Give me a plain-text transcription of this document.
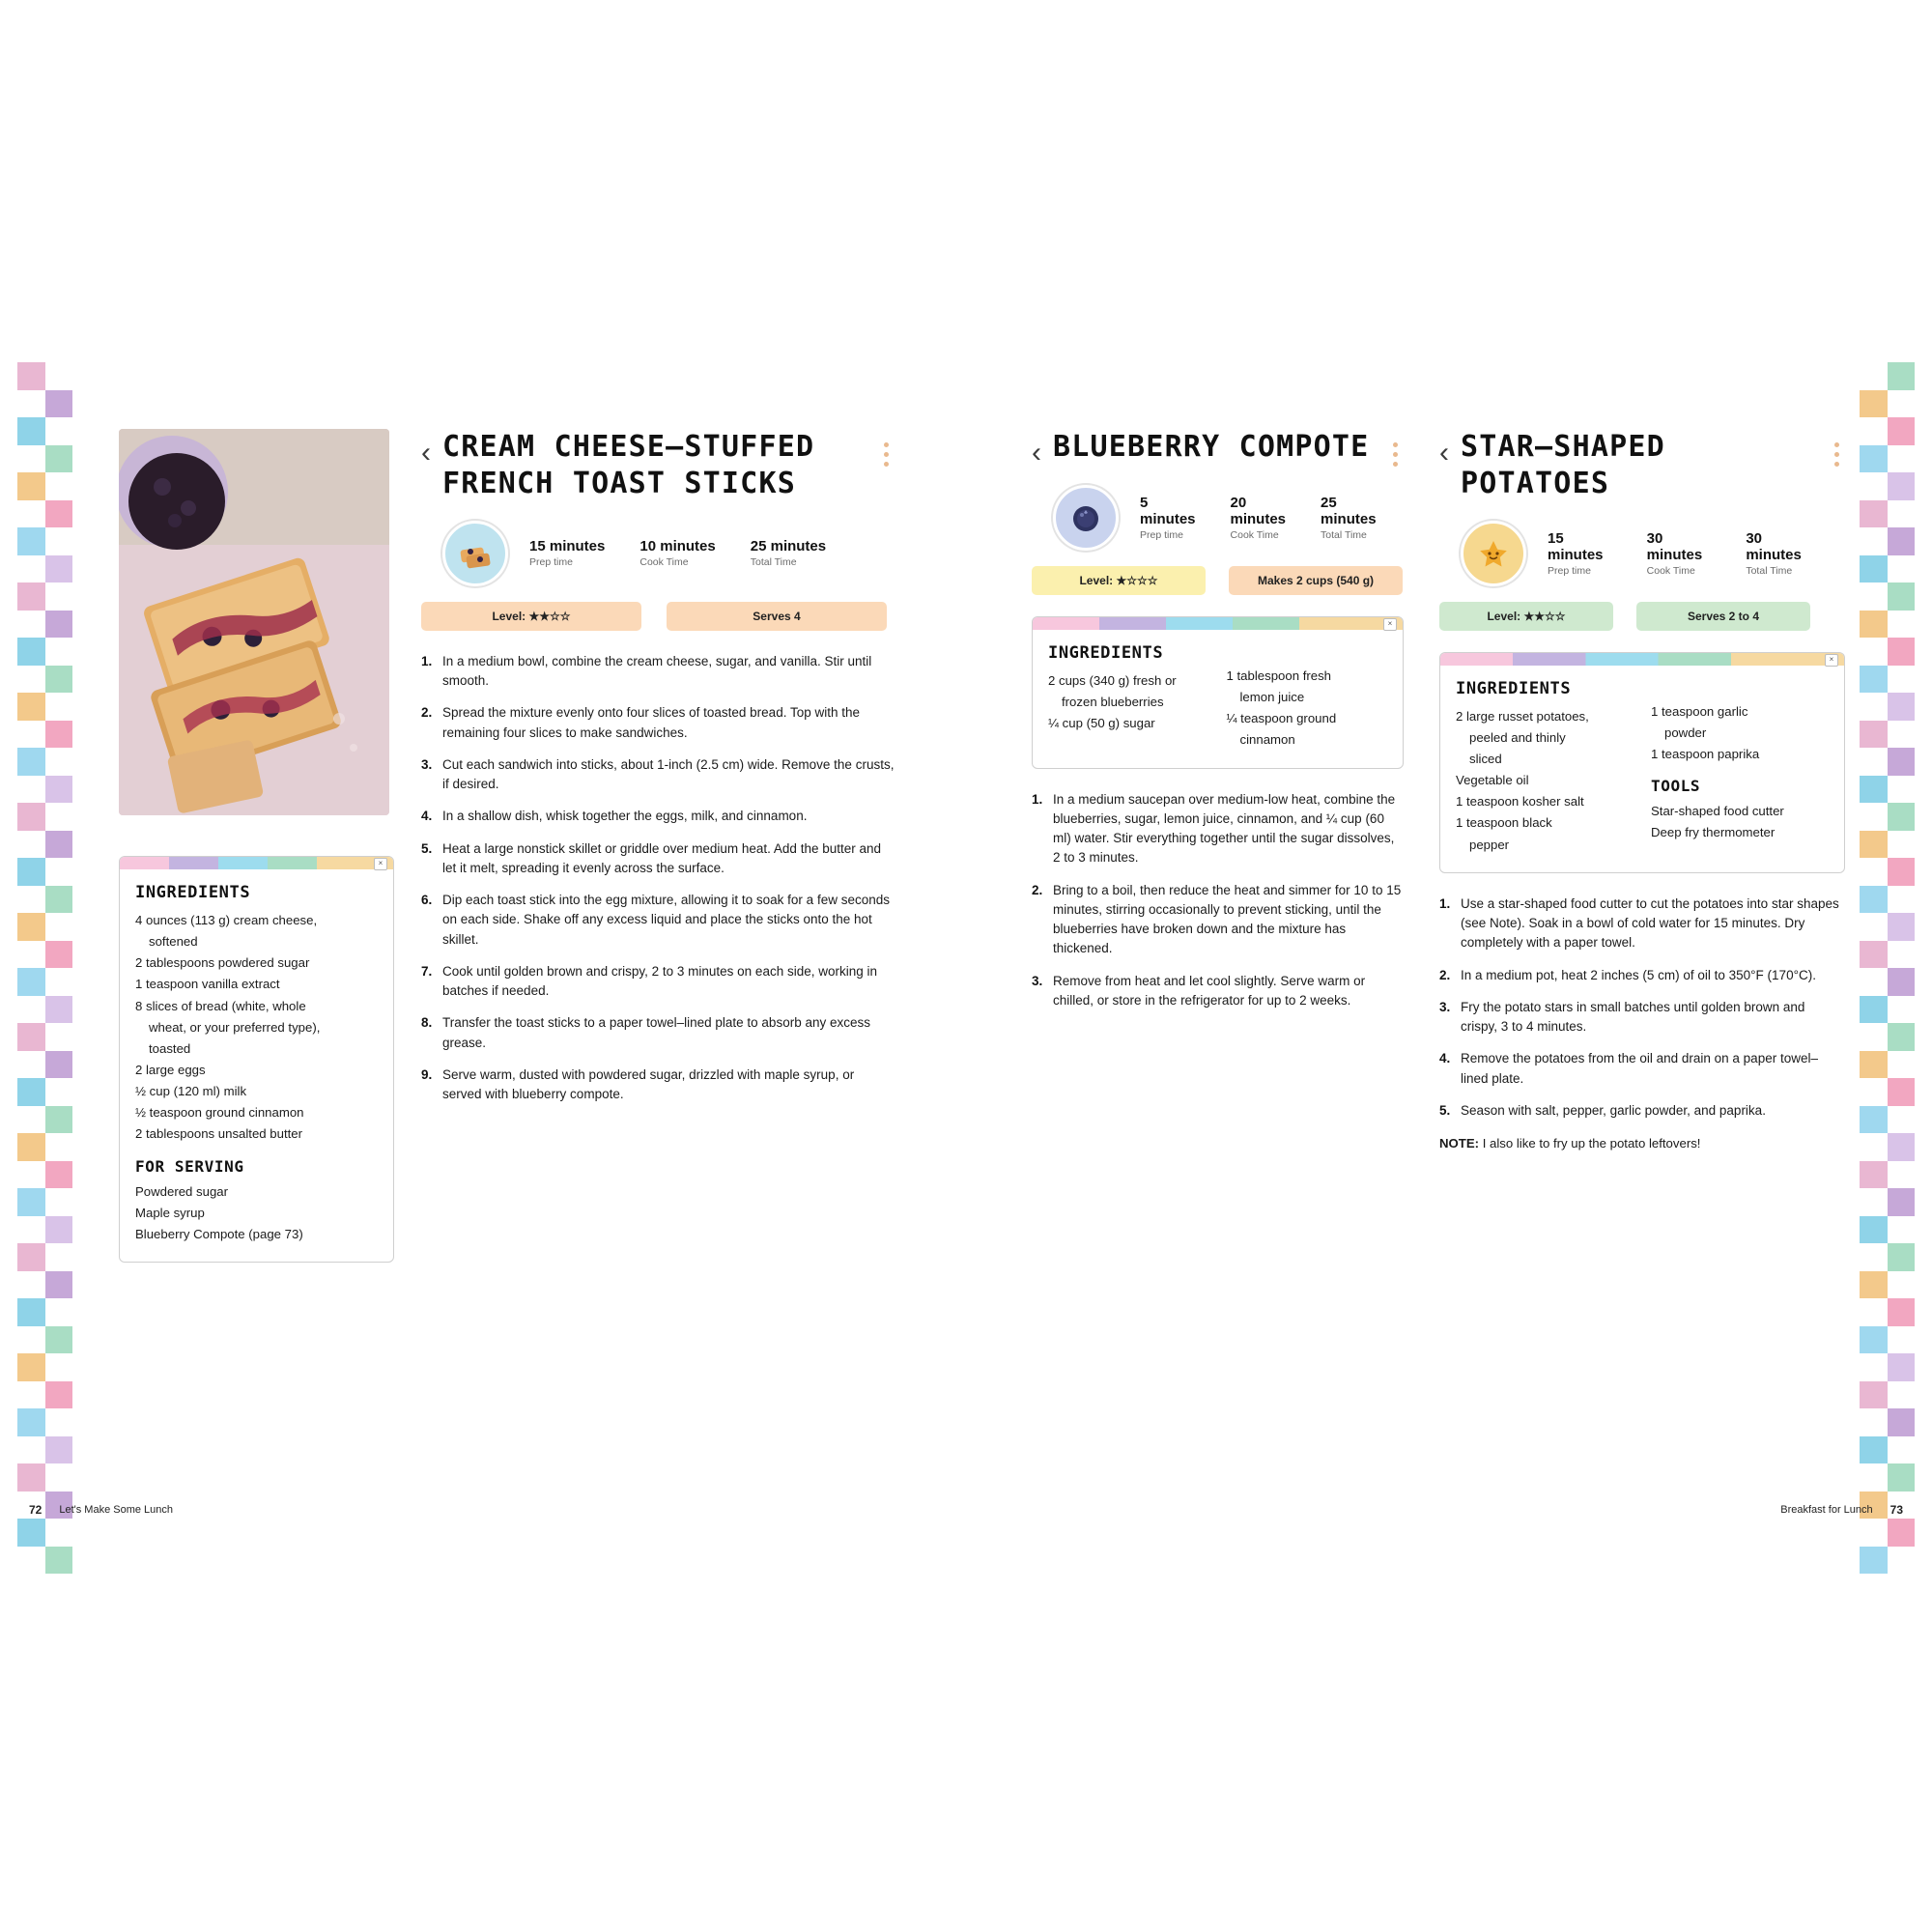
×
INGREDIENTS
4 ounces (113 g) cream cheese,
softened
2 tablespoons powdered sugar
1 teaspoon vanilla extract
8 slices of bread (white, whole
wheat, or your preferred type),
toasted
2 large eggs
½ cup (120 ml) milk
½ teaspoon ground cinnamon
2 tablespoons unsalted butter
FOR SERVING
Powdered sugar
Maple syrup
Blueberry Compote (page 73)
‹ CREAM CHEESE–STUFFED
FRENCH TOAST STICKS
15 minutes
Prep time
10 minutes
Cook Time
25 minutes
Total Time
Level: ★★☆☆	Serves 4
1. In a medium bowl, combine the cream cheese, sugar, and vanilla. Stir until smooth.
2. Spread the mixture evenly onto four slices of toasted bread. Top with the remaining four slices to make sandwiches.
3. Cut each sandwich into sticks, about 1-inch (2.5 cm) wide. Remove the crusts, if desired.
4. In a shallow dish, whisk together the eggs, milk, and cinnamon.
5. Heat a large nonstick skillet or griddle over medium heat. Add the butter and let it melt, spreading it evenly across the surface.
6. Dip each toast stick into the egg mixture, allowing it to soak for a few seconds on each side. Shake off any excess liquid and place the sticks onto the hot skillet.
7. Cook until golden brown and crispy, 2 to 3 minutes on each side, working in batches if needed.
8. Transfer the toast sticks to a paper towel–lined plate to absorb any excess grease.
9. Serve warm, dusted with powdered sugar, drizzled with maple syrup, or served with blueberry compote.
72 Let's Make Some Lunch
‹ BLUEBERRY COMPOTE
5 minutes
Prep time
20 minutes
Cook Time
25 minutes
Total Time
Level: ★☆☆☆	Makes 2 cups (540 g)
×
INGREDIENTS
2 cups (340 g) fresh or
frozen blueberries
¼ cup (50 g) sugar
1 tablespoon fresh
lemon juice
¼ teaspoon ground
cinnamon
1. In a medium saucepan over medium-low heat, combine the blueberries, sugar, lemon juice, cinnamon, and ¼ cup (60 ml) water. Stir everything together until the sugar dissolves, 2 to 3 minutes.
2. Bring to a boil, then reduce the heat and simmer for 10 to 15 minutes, stirring occasionally to prevent sticking, until the blueberries have broken down and the mixture has thickened.
3. Remove from heat and let cool slightly. Serve warm or chilled, or store in the refrigerator for up to 2 weeks.
‹ STAR–SHAPED POTATOES
15 minutes
Prep time
30 minutes
Cook Time
30 minutes
Total Time
Level: ★★☆☆	Serves 2 to 4
×
INGREDIENTS
2 large russet potatoes,
peeled and thinly
sliced
Vegetable oil
1 teaspoon kosher salt
1 teaspoon black
pepper
1 teaspoon garlic
powder
1 teaspoon paprika
TOOLS
Star-shaped food cutter
Deep fry thermometer
1. Use a star-shaped food cutter to cut the potatoes into star shapes (see Note). Soak in a bowl of cold water for 15 minutes. Dry completely with a paper towel.
2. In a medium pot, heat 2 inches (5 cm) of oil to 350°F (170°C).
3. Fry the potato stars in small batches until golden brown and crispy, 3 to 4 minutes.
4. Remove the potatoes from the oil and drain on a paper towel–lined plate.
5. Season with salt, pepper, garlic powder, and paprika.
NOTE: I also like to fry up the potato leftovers!
Breakfast for Lunch 73
